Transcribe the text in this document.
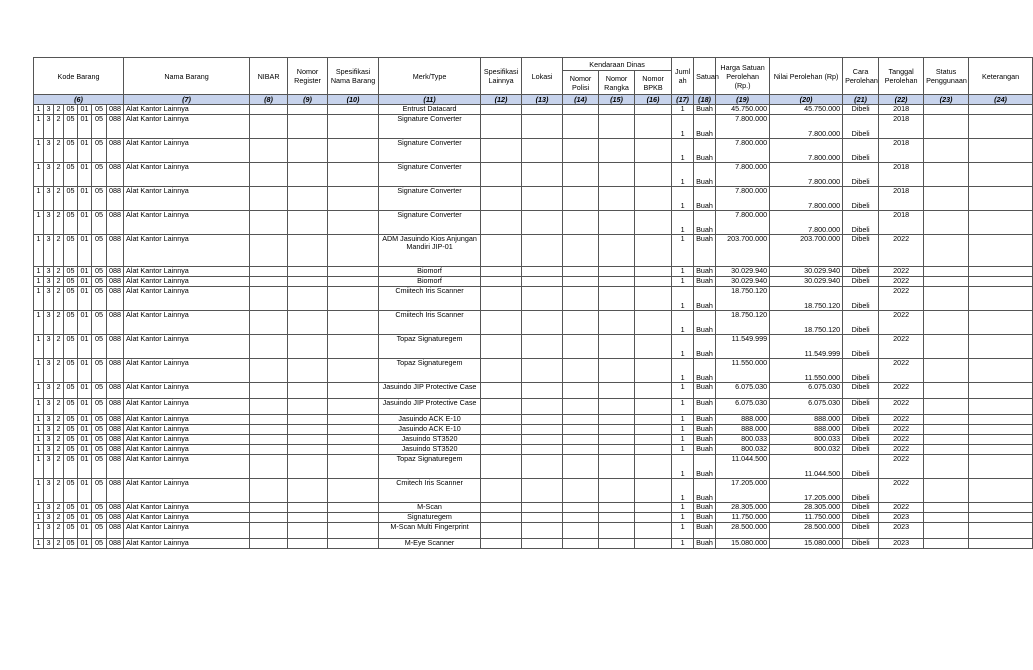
Kode Barang							Nama Barang	NIBAR	Nomor Register	Spesifikasi Nama Barang	Merk/Type	Spesifikasi Lainnya	Lokasi	Kendaraan Dinas			Jumlah	Satuan	Harga Satuan Perolehan (Rp.)	Nilai Perolehan (Rp)	Cara Perolehan	Tanggal Perolehan	Status Penggunaan	Keterangan
														Nomor Polisi	Nomor Rangka	Nomor BPKB								
(6)							(7)	(8)	(9)	(10)	(11)	(12)	(13)	(14)	(15)	(16)	(17)	(18)	(19)	(20)	(21)	(22)	(23)	(24)
1	3	2	05	01	05	088	Alat Kantor Lainnya				Entrust Datacard						1	Buah	45.750.000	45.750.000	Dibeli	2018		
1	3	2	05	01	05	088	Alat Kantor Lainnya				Signature Converter						1	Buah	7.800.000	7.800.000	Dibeli	2018		
1	3	2	05	01	05	088	Alat Kantor Lainnya				Signature Converter						1	Buah	7.800.000	7.800.000	Dibeli	2018		
1	3	2	05	01	05	088	Alat Kantor Lainnya				Signature Converter						1	Buah	7.800.000	7.800.000	Dibeli	2018		
1	3	2	05	01	05	088	Alat Kantor Lainnya				Signature Converter						1	Buah	7.800.000	7.800.000	Dibeli	2018		
1	3	2	05	01	05	088	Alat Kantor Lainnya				Signature Converter						1	Buah	7.800.000	7.800.000	Dibeli	2018		
1	3	2	05	01	05	088	Alat Kantor Lainnya				ADM Jasuindo Kios Anjungan Mandiri JIP-01						1	Buah	203.700.000	203.700.000	Dibeli	2022		
1	3	2	05	01	05	088	Alat Kantor Lainnya				Biomorf						1	Buah	30.029.940	30.029.940	Dibeli	2022		
1	3	2	05	01	05	088	Alat Kantor Lainnya				Biomorf						1	Buah	30.029.940	30.029.940	Dibeli	2022		
1	3	2	05	01	05	088	Alat Kantor Lainnya				Cmiitech Iris Scanner						1	Buah	18.750.120	18.750.120	Dibeli	2022		
1	3	2	05	01	05	088	Alat Kantor Lainnya				Cmiitech Iris Scanner						1	Buah	18.750.120	18.750.120	Dibeli	2022		
1	3	2	05	01	05	088	Alat Kantor Lainnya				Topaz Signaturegem						1	Buah	11.549.999	11.549.999	Dibeli	2022		
1	3	2	05	01	05	088	Alat Kantor Lainnya				Topaz Signaturegem						1	Buah	11.550.000	11.550.000	Dibeli	2022		
1	3	2	05	01	05	088	Alat Kantor Lainnya				Jasuindo JIP Protective Case						1	Buah	6.075.030	6.075.030	Dibeli	2022		
1	3	2	05	01	05	088	Alat Kantor Lainnya				Jasuindo JIP Protective Case						1	Buah	6.075.030	6.075.030	Dibeli	2022		
1	3	2	05	01	05	088	Alat Kantor Lainnya				Jasuindo ACK E-10						1	Buah	888.000	888.000	Dibeli	2022		
1	3	2	05	01	05	088	Alat Kantor Lainnya				Jasuindo ACK E-10						1	Buah	888.000	888.000	Dibeli	2022		
1	3	2	05	01	05	088	Alat Kantor Lainnya				Jasuindo ST3520						1	Buah	800.033	800.033	Dibeli	2022		
1	3	2	05	01	05	088	Alat Kantor Lainnya				Jasuindo ST3520						1	Buah	800.032	800.032	Dibeli	2022		
1	3	2	05	01	05	088	Alat Kantor Lainnya				Topaz Signaturegem						1	Buah	11.044.500	11.044.500	Dibeli	2022		
1	3	2	05	01	05	088	Alat Kantor Lainnya				Cmitech Iris Scanner						1	Buah	17.205.000	17.205.000	Dibeli	2022		
1	3	2	05	01	05	088	Alat Kantor Lainnya				M-Scan						1	Buah	28.305.000	28.305.000	Dibeli	2022		
1	3	2	05	01	05	088	Alat Kantor Lainnya				Signaturegem						1	Buah	11.750.000	11.750.000	Dibeli	2023		
1	3	2	05	01	05	088	Alat Kantor Lainnya				M-Scan Multi Fingerprint						1	Buah	28.500.000	28.500.000	Dibeli	2023		
1	3	2	05	01	05	088	Alat Kantor Lainnya				M-Eye Scanner						1	Buah	15.080.000	15.080.000	Dibeli	2023		
